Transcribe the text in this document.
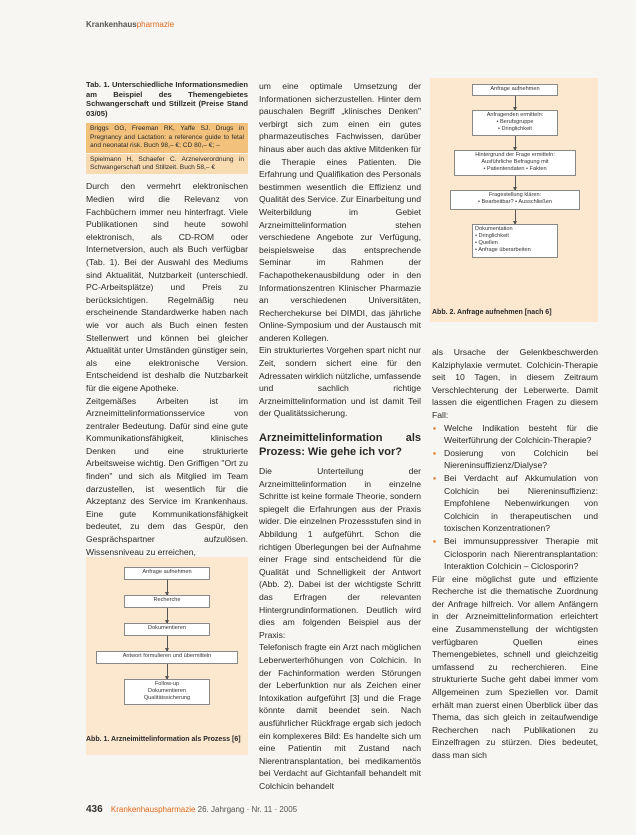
Krankenhauspharmazie
Tab. 1. Unterschiedliche Informationsmedien am Beispiel des Themengebietes Schwangerschaft und Stillzeit (Preise Stand 03/05)
Briggs GG, Freeman RK, Yaffe SJ. Drugs in Pregnancy and Lactation: a reference guide to fetal and neonatal risk. Buch 98,– €; CD 80,– €; –
Spielmann H, Schaefer C. Arzneiverordnung in Schwangerschaft und Stillzeit. Buch 58,– €

Durch den vermehrt elektronischen Medien wird die Relevanz von Fachbüchern immer neu hinterfragt. Viele Publikationen sind heute sowohl elektronisch, als CD-ROM oder Internetversion, auch als Buch verfügbar (Tab. 1). Bei der Auswahl des Mediums sind Aktualität, Nutzbarkeit (unterschiedl. PC-Arbeitsplätze) und Preis zu berücksichtigen. Regelmäßig neu erscheinende Standardwerke haben nach wie vor auch als Buch einen festen Stellenwert und können bei gleicher Aktualität unter Umständen günstiger sein, als eine elektronische Version. Entscheidend ist deshalb die Nutzbarkeit für die eigene Apotheke.

Zeitgemäßes Arbeiten ist im Arzneimittelinformationsservice von zentraler Bedeutung. Dafür sind eine gute Kommunikationsfähigkeit, klinisches Denken und eine strukturierte Arbeitsweise wichtig. Den Griffigen "Ort zu finden" und sich als Mitglied im Team darzustellen, ist wesentlich für die Akzeptanz des Service im Krankenhaus. Eine gute Kommunikationsfähigkeit bedeutet, zu dem das Gespür, den Gesprächspartner aufzulösen. Wissensniveau zu erreichen,

um eine optimale Umsetzung der Informationen sicherzustellen. Hinter dem pauschalen Begriff „klinisches Denken" verbirgt sich zum einen ein gutes pharmazeutisches Fachwissen, darüber hinaus aber auch das aktive Mitdenken für die Therapie eines Patienten. Die Erfahrung und Qualifikation des Personals bestimmen wesentlich die Effizienz und Qualität des Service. Zur Einarbeitung und Weiterbildung im Gebiet Arzneimittelinformation stehen verschiedene Angebote zur Verfügung, beispielsweise das entsprechende Seminar im Rahmen der Fachapothekenausbildung oder in den Informationszentren Klinischer Pharmazie an verschiedenen Universitäten, Recherchekurse bei DIMDI, das jährliche Online-Symposium und der Austausch mit anderen Kollegen.

Ein strukturiertes Vorgehen spart nicht nur Zeit, sondern sichert eine für den Adressaten wirklich nützliche, umfassende und sachlich richtige Arzneimittelinformation und ist damit Teil der Qualitätssicherung.

Arzneimittelinformation als Prozess: Wie gehe ich vor?

Die Unterteilung der Arzneimittelinformation in einzelne Schritte ist keine formale Theorie, sondern spiegelt die Erfahrungen aus der Praxis wider. Die einzelnen Prozessstufen sind in Abbildung 1 aufgeführt. Schon die richtigen Überlegungen bei der Aufnahme einer Frage sind entscheidend für die Qualität und Schnelligkeit der Antwort (Abb. 2). Dabei ist der wichtigste Schritt das Erfragen der relevanten Hintergrundinformationen. Deutlich wird dies am folgenden Beispiel aus der Praxis:

Telefonisch fragte ein Arzt nach möglichen Leberwerterhöhungen von Colchicin. In der Fachinformation werden Störungen der Leberfunktion nur als Zeichen einer Intoxikation aufgeführt [3] und die Frage könnte damit beendet sein. Nach ausführlicher Rückfrage ergab sich jedoch ein komplexeres Bild: Es handelte sich um eine Patientin mit Zustand nach Nierentransplantation, bei medikamentös bei Verdacht auf Gichtanfall behandelt mit Colchicin behandelt

als Ursache der Gelenkbeschwerden Kalziphylaxie vermutet. Colchicin-Therapie seit 10 Tagen, in diesem Zeitraum Verschlechterung der Leberwerte. Damit lassen die eigentlichen Fragen zu diesem Fall:

▪ Welche Indikation besteht für die Weiterführung der Colchicin-Therapie?
▪ Dosierung von Colchicin bei Niereninsuffizienz/Dialyse?
▪ Bei Verdacht auf Akkumulation von Colchicin bei Niereninsuffizienz: Empfohlene Nebenwirkungen von Colchicin in therapeutischen und toxischen Konzentrationen?
▪ Bei immunsuppressiver Therapie mit Ciclosporin nach Nierentransplantation: Interaktion Colchicin – Ciclosporin?

Für eine möglichst gute und effiziente Recherche ist die thematische Zuordnung der Anfrage hilfreich. Vor allem Anfängern in der Arzneimittelinformation erleichtert eine Zusammenstellung der wichtigsten verfügbaren Quellen eines Themengebietes, schnell und gleichzeitig umfassend zu recherchieren. Eine strukturierte Suche geht dabei immer vom Allgemeinen zum Speziellen vor. Damit erhält man zuerst einen Überblick über das Thema, das sich gleich in zeitaufwendige Recherchen nach Publikationen zu Einzelfragen zu stürzen. Dies bedeutet, dass man sich

Anfrage aufnehmen
Recherche
Dokumentieren
Antwort formulieren und übermitteln
Follow-up
Dokumentieren
Qualitätssicherung
Abb. 1. Arzneimittelinformation als Prozess [6]
Anfrage aufnehmen
Anfragenden ermitteln:
• Berufsgruppe
• Dringlichkeit
Hintergrund der Frage ermitteln:
Ausführliche Befragung mit
• Patientendaten • Fakten
Fragestellung klären:
• Bearbeitbar? • Ausschließen
Dokumentation
• Dringlichkeit
• Quellen
• Anfrage überarbeiten
Abb. 2. Anfrage aufnehmen [nach 6]
436 Krankenhauspharmazie 26. Jahrgang · Nr. 11 · 2005
